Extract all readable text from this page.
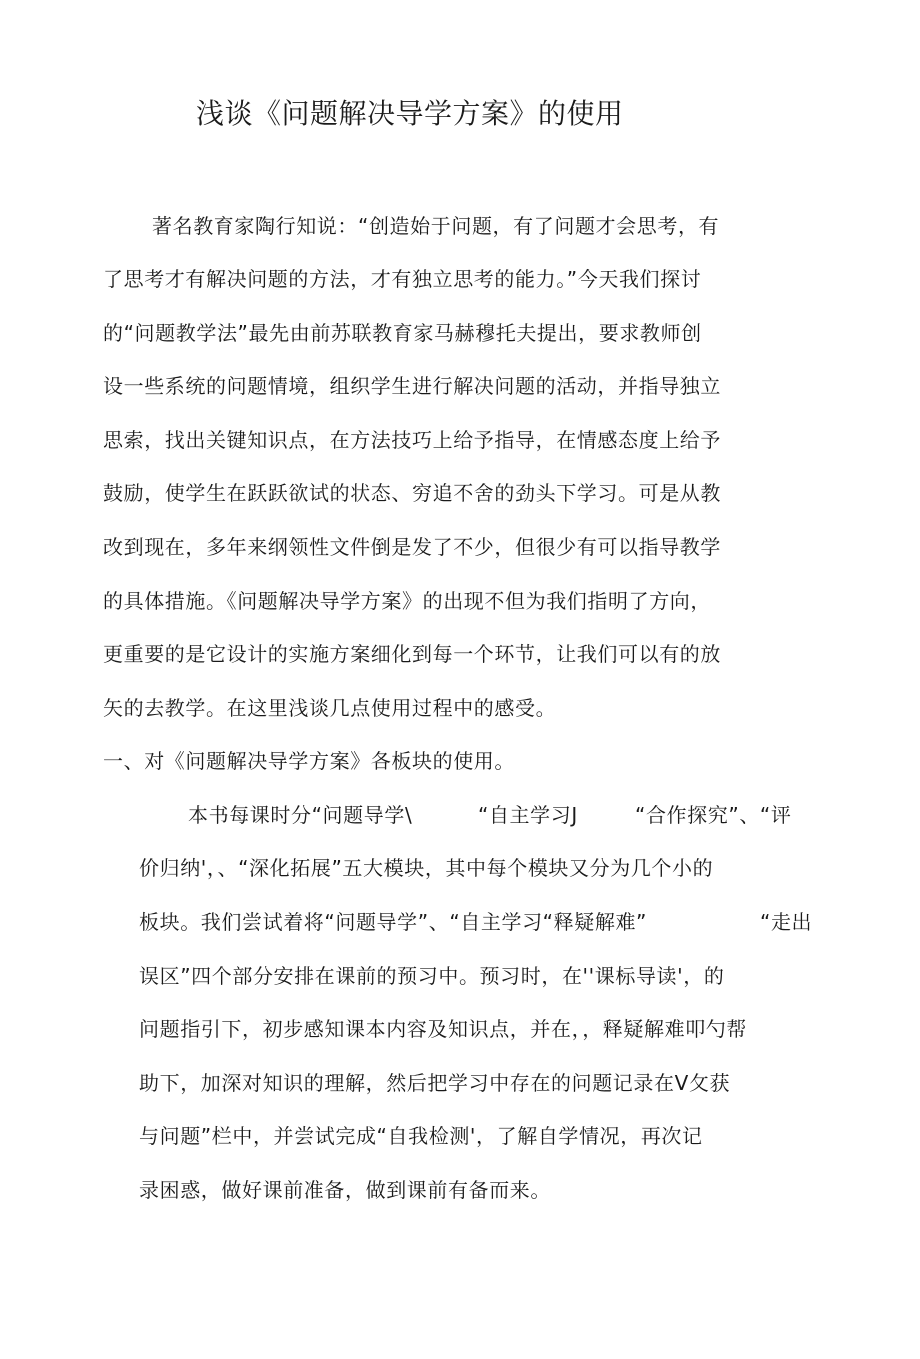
浅谈《问题解决导学方案》的使用
著名教育家陶行知说：“创造始于问题，有了问题才会思考，有
了思考才有解决问题的方法，才有独立思考的能力。”今天我们探讨
的“问题教学法”最先由前苏联教育家马赫穆托夫提出，要求教师创
设一些系统的问题情境，组织学生进行解决问题的活动，并指导独立
思索，找出关键知识点，在方法技巧上给予指导，在情感态度上给予
鼓励，使学生在跃跃欲试的状态、穷追不舍的劲头下学习。可是从教
改到现在，多年来纲领性文件倒是发了不少，但很少有可以指导教学
的具体措施。《问题解决导学方案》的出现不但为我们指明了方向，
更重要的是它设计的实施方案细化到每一个环节，让我们可以有的放
矢的去教学。在这里浅谈几点使用过程中的感受。
一、对《问题解决导学方案》各板块的使用。
本书每课时分“问题导学\	“自主学习J	“合作探究”、“评
价归纳'，、“深化拓展”五大模块，其中每个模块又分为几个小的
板块。我们尝试着将“问题导学”、“自主学习“释疑解难”	“走出
误区”四个部分安排在课前的预习中。预习时，在''课标导读'，的
问题指引下，初步感知课本内容及知识点，并在，，释疑解难叩勺帮
助下，加深对知识的理解，然后把学习中存在的问题记录在V攵获
与问题”栏中，并尝试完成“自我检测'，了解自学情况，再次记
录困惑，做好课前准备，做到课前有备而来。
